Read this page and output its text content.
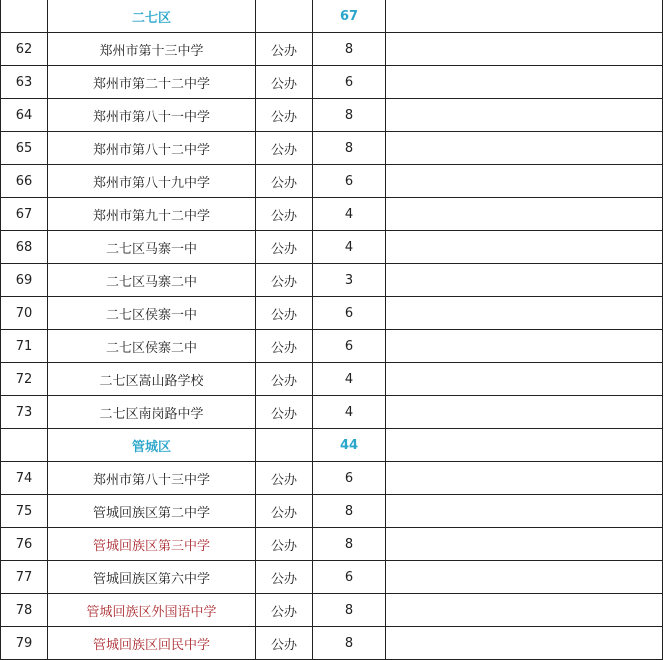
	二七区		67	
62	郑州市第十三中学	公办	8	
63	郑州市第二十二中学	公办	6	
64	郑州市第八十一中学	公办	8	
65	郑州市第八十二中学	公办	8	
66	郑州市第八十九中学	公办	6	
67	郑州市第九十二中学	公办	4	
68	二七区马寨一中	公办	4	
69	二七区马寨二中	公办	3	
70	二七区侯寨一中	公办	6	
71	二七区侯寨二中	公办	6	
72	二七区嵩山路学校	公办	4	
73	二七区南岗路中学	公办	4	
	管城区		44	
74	郑州市第八十三中学	公办	6	
75	管城回族区第二中学	公办	8	
76	管城回族区第三中学	公办	8	
77	管城回族区第六中学	公办	6	
78	管城回族区外国语中学	公办	8	
79	管城回族区回民中学	公办	8	
